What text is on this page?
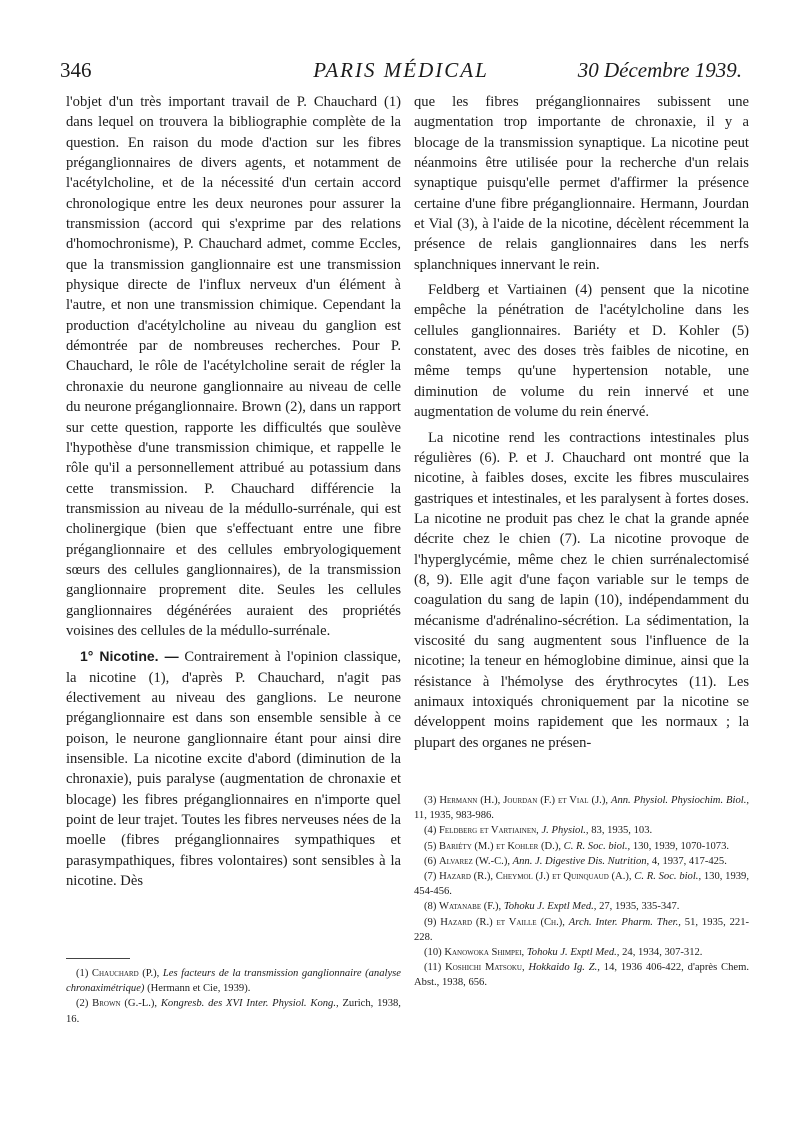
346	PARIS MÉDICAL	30 Décembre 1939.

l'objet d'un très important travail de P. Chauchard (1) dans lequel on trouvera la bibliographie complète de la question. En raison du mode d'action sur les fibres préganglionnaires de divers agents, et notamment de l'acétylcholine, et de la nécessité d'un certain accord chronologique entre les deux neurones pour assurer la transmission (accord qui s'exprime par des relations d'homochronisme), P. Chauchard admet, comme Eccles, que la transmission ganglionnaire est une transmission physique directe de l'influx nerveux d'un élément à l'autre, et non une transmission chimique. Cependant la production d'acétylcholine au niveau du ganglion est démontrée par de nombreuses recherches. Pour P. Chauchard, le rôle de l'acétylcholine serait de régler la chronaxie du neurone ganglionnaire au niveau de celle du neurone préganglionnaire. Brown (2), dans un rapport sur cette question, rapporte les difficultés que soulève l'hypothèse d'une transmission chimique, et rappelle le rôle qu'il a personnellement attribué au potassium dans cette transmission. P. Chauchard différencie la transmission au niveau de la médullo-surrénale, qui est cholinergique (bien que s'effectuant entre une fibre préganglionnaire et des cellules embryologiquement sœurs des cellules ganglionnaires), de la transmission ganglionnaire proprement dite. Seules les cellules ganglionnaires dégénérées auraient des propriétés voisines des cellules de la médullo-surrénale.

1° Nicotine. — Contrairement à l'opinion classique, la nicotine (1), d'après P. Chauchard, n'agit pas électivement au niveau des ganglions. Le neurone préganglionnaire est dans son ensemble sensible à ce poison, le neurone ganglionnaire étant pour ainsi dire insensible. La nicotine excite d'abord (diminution de la chronaxie), puis paralyse (augmentation de chronaxie et blocage) les fibres préganglionnaires en n'importe quel point de leur trajet. Toutes les fibres nerveuses nées de la moelle (fibres préganglionnaires sympathiques et parasympathiques, fibres volontaires) sont sensibles à la nicotine. Dès

que les fibres préganglionnaires subissent une augmentation trop importante de chronaxie, il y a blocage de la transmission synaptique. La nicotine peut néanmoins être utilisée pour la recherche d'un relais synaptique puisqu'elle permet d'affirmer la présence certaine d'une fibre préganglionnaire. Hermann, Jourdan et Vial (3), à l'aide de la nicotine, décèlent récemment la présence de relais ganglionnaires dans les nerfs splanchniques innervant le rein.

Feldberg et Vartiainen (4) pensent que la nicotine empêche la pénétration de l'acétylcholine dans les cellules ganglionnaires. Bariéty et D. Kohler (5) constatent, avec des doses très faibles de nicotine, en même temps qu'une hypertension notable, une diminution de volume du rein innervé et une augmentation de volume du rein énervé.

La nicotine rend les contractions intestinales plus régulières (6). P. et J. Chauchard ont montré que la nicotine, à faibles doses, excite les fibres musculaires gastriques et intestinales, et les paralysent à fortes doses. La nicotine ne produit pas chez le chat la grande apnée décrite chez le chien (7). La nicotine provoque de l'hyperglycémie, même chez le chien surrénalectomisé (8, 9). Elle agit d'une façon variable sur le temps de coagulation du sang de lapin (10), indépendamment du mécanisme d'adrénalino-sécrétion. La sédimentation, la viscosité du sang augmentent sous l'influence de la nicotine; la teneur en hémoglobine diminue, ainsi que la résistance à l'hémolyse des érythrocytes (11). Les animaux intoxiqués chroniquement par la nicotine se développent moins rapidement que les normaux ; la plupart des organes ne présen-

(1) Chauchard (P.), Les facteurs de la transmission ganglionnaire (analyse chronaximétrique) (Hermann et Cie, 1939).

(2) Brown (G.-L.), Kongresb. des XVI Inter. Physiol. Kong., Zurich, 1938, 16.

(3) Hermann (H.), Jourdan (F.) et Vial (J.), Ann. Physiol. Physiochim. Biol., 11, 1935, 983-986.

(4) Feldberg et Vartiainen, J. Physiol., 83, 1935, 103.

(5) Bariéty (M.) et Kohler (D.), C. R. Soc. biol., 130, 1939, 1070-1073.

(6) Alvarez (W.-C.), Ann. J. Digestive Dis. Nutrition, 4, 1937, 417-425.

(7) Hazard (R.), Cheymol (J.) et Quinquaud (A.), C. R. Soc. biol., 130, 1939, 454-456.

(8) Watanabe (F.), Tohoku J. Exptl Med., 27, 1935, 335-347.

(9) Hazard (R.) et Vaille (Ch.), Arch. Inter. Pharm. Ther., 51, 1935, 221-228.

(10) Kanowoka Shimpei, Tohoku J. Exptl Med., 24, 1934, 307-312.

(11) Koshichi Matsoku, Hokkaido Ig. Z., 14, 1936 406-422, d'après Chem. Abst., 1938, 656.
